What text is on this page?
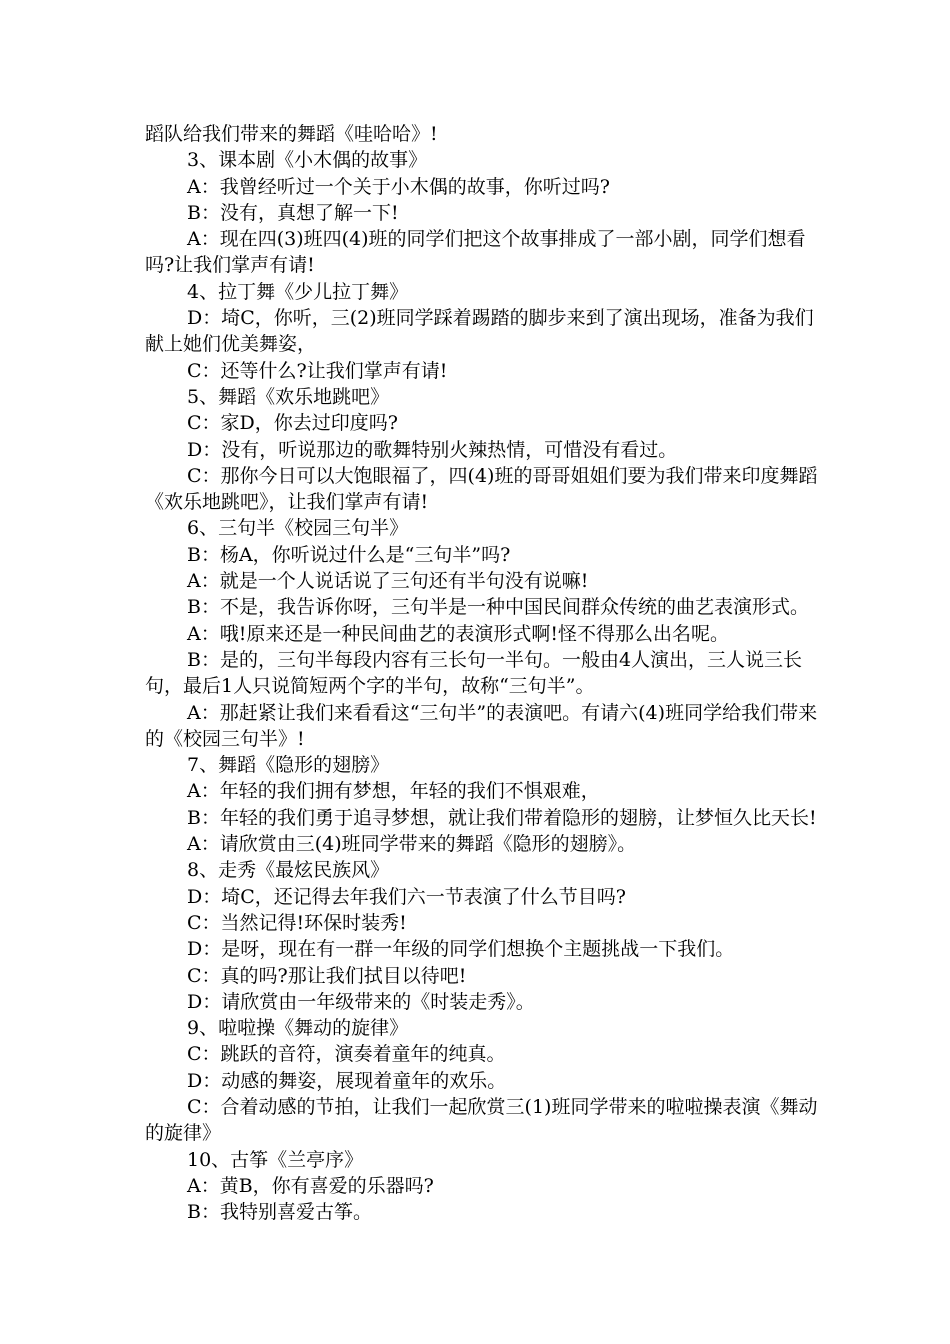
蹈队给我们带来的舞蹈《哇哈哈》!

3、课本剧《小木偶的故事》

A：我曾经听过一个关于小木偶的故事，你听过吗?

B：没有，真想了解一下!

A：现在四(3)班四(4)班的同学们把这个故事排成了一部小剧，同学们想看吗?让我们掌声有请!

4、拉丁舞《少儿拉丁舞》

D：埼C，你听，三(2)班同学踩着踢踏的脚步来到了演出现场，准备为我们献上她们优美舞姿，

C：还等什么?让我们掌声有请!

5、舞蹈《欢乐地跳吧》

C：家D，你去过印度吗?

D：没有，听说那边的歌舞特别火辣热情，可惜没有看过。

C：那你今日可以大饱眼福了，四(4)班的哥哥姐姐们要为我们带来印度舞蹈《欢乐地跳吧》，让我们掌声有请!

6、三句半《校园三句半》

B：杨A，你听说过什么是“三句半”吗?

A：就是一个人说话说了三句还有半句没有说嘛!

B：不是，我告诉你呀，三句半是一种中国民间群众传统的曲艺表演形式。

A：哦!原来还是一种民间曲艺的表演形式啊!怪不得那么出名呢。

B：是的，三句半每段内容有三长句一半句。一般由4人演出，三人说三长句，最后1人只说简短两个字的半句，故称“三句半”。

A：那赶紧让我们来看看这“三句半”的表演吧。有请六(4)班同学给我们带来的《校园三句半》!

7、舞蹈《隐形的翅膀》

A：年轻的我们拥有梦想，年轻的我们不惧艰难，

B：年轻的我们勇于追寻梦想，就让我们带着隐形的翅膀，让梦恒久比天长!

A：请欣赏由三(4)班同学带来的舞蹈《隐形的翅膀》。

8、走秀《最炫民族风》

D：埼C，还记得去年我们六一节表演了什么节目吗?

C：当然记得!环保时装秀!

D：是呀，现在有一群一年级的同学们想换个主题挑战一下我们。

C：真的吗?那让我们拭目以待吧!

D：请欣赏由一年级带来的《时装走秀》。

9、啦啦操《舞动的旋律》

C：跳跃的音符，演奏着童年的纯真。

D：动感的舞姿，展现着童年的欢乐。

C：合着动感的节拍，让我们一起欣赏三(1)班同学带来的啦啦操表演《舞动的旋律》

10、古筝《兰亭序》

A：黄B，你有喜爱的乐器吗?

B：我特别喜爱古筝。
